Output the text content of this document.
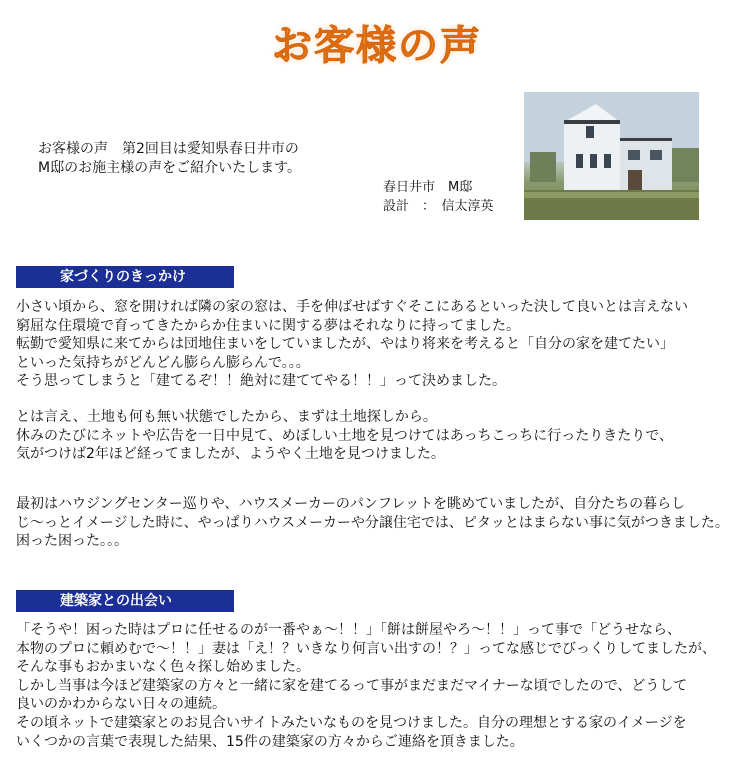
お客様の声
お客様の声　第2回目は愛知県春日井市の
M邸のお施主様の声をご紹介いたします。
春日井市　M邸
設計　：　信太淳英
家づくりのきっかけ
小さい頃から、窓を開ければ隣の家の窓は、手を伸ばせばすぐそこにあるといった決して良いとは言えない
窮屈な住環境で育ってきたからか住まいに関する夢はそれなりに持ってました。
転勤で愛知県に来てからは団地住まいをしていましたが、やはり将来を考えると「自分の家を建てたい」
といった気持ちがどんどん膨らん膨らんで。。。
そう思ってしまうと「建てるぞ！！絶対に建ててやる！！」って決めました。
とは言え、土地も何も無い状態でしたから、まずは土地探しから。
休みのたびにネットや広告を一日中見て、めぼしい土地を見つけてはあっちこっちに行ったりきたりで、
気がつけば2年ほど経ってましたが、ようやく土地を見つけました。
最初はハウジングセンター巡りや、ハウスメーカーのパンフレットを眺めていましたが、自分たちの暮らし
じ～っとイメージした時に、やっぱりハウスメーカーや分譲住宅では、ピタッとはまらない事に気がつきました。
困った困った。。。
建築家との出会い
「そうや！困った時はプロに任せるのが一番やぁ～！！」「餅は餅屋やろ～！！」って事で「どうせなら、
本物のプロに頼めむで～！！」妻は「え！？いきなり何言い出すの！？」ってな感じでびっくりしてましたが、
そんな事もおかまいなく色々探し始めました。
しかし当事は今ほど建築家の方々と一緒に家を建てるって事がまだまだマイナーな頃でしたので、どうして
良いのかわからない日々の連続。
その頃ネットで建築家とのお見合いサイトみたいなものを見つけました。自分の理想とする家のイメージを
いくつかの言葉で表現した結果、15件の建築家の方々からご連絡を頂きました。
